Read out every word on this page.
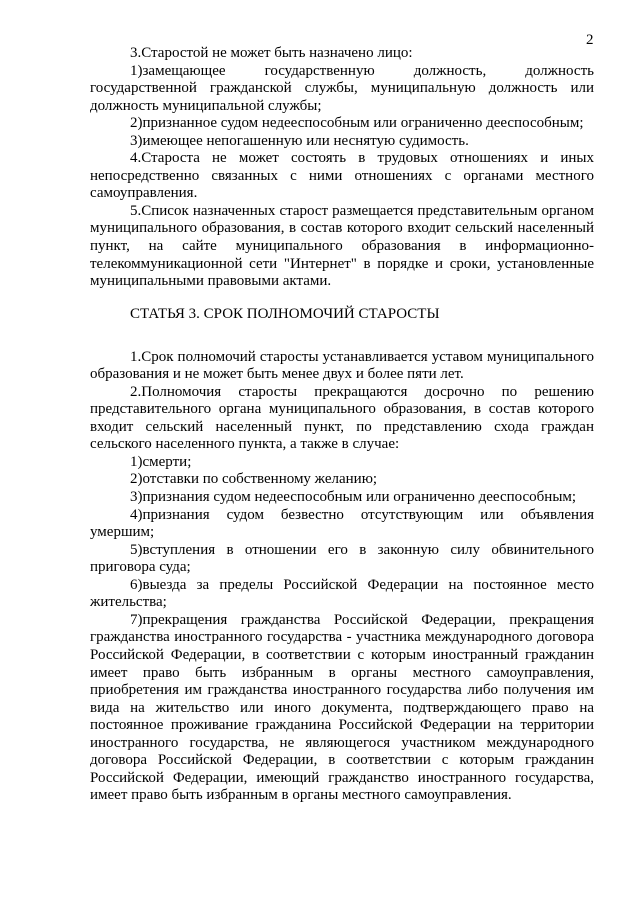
2

3.Старостой не может быть назначено лицо:

1)замещающее государственную должность, должность государственной гражданской службы, муниципальную должность или должность муниципальной службы;

2)признанное судом недееспособным или ограниченно дееспособным;

3)имеющее непогашенную или неснятую судимость.

4.Староста не может состоять в трудовых отношениях и иных непосредственно связанных с ними отношениях с органами местного самоуправления.

5.Список назначенных старост размещается представительным органом муниципального образования, в состав которого входит сельский населенный пункт, на сайте муниципального образования в информационно-телекоммуникационной сети "Интернет" в порядке и сроки, установленные муниципальными правовыми актами.

СТАТЬЯ 3. СРОК ПОЛНОМОЧИЙ СТАРОСТЫ

1.Срок полномочий старосты устанавливается уставом муниципального образования и не может быть менее двух и более пяти лет.

2.Полномочия старосты прекращаются досрочно по решению представительного органа муниципального образования, в состав которого входит сельский населенный пункт, по представлению схода граждан сельского населенного пункта, а также в случае:

1)смерти;

2)отставки по собственному желанию;

3)признания судом недееспособным или ограниченно дееспособным;

4)признания судом безвестно отсутствующим или объявления умершим;

5)вступления в отношении его в законную силу обвинительного приговора суда;

6)выезда за пределы Российской Федерации на постоянное место жительства;

7)прекращения гражданства Российской Федерации, прекращения гражданства иностранного государства - участника международного договора Российской Федерации, в соответствии с которым иностранный гражданин имеет право быть избранным в органы местного самоуправления, приобретения им гражданства иностранного государства либо получения им вида на жительство или иного документа, подтверждающего право на постоянное проживание гражданина Российской Федерации на территории иностранного государства, не являющегося участником международного договора Российской Федерации, в соответствии с которым гражданин Российской Федерации, имеющий гражданство иностранного государства, имеет право быть избранным в органы местного самоуправления.
